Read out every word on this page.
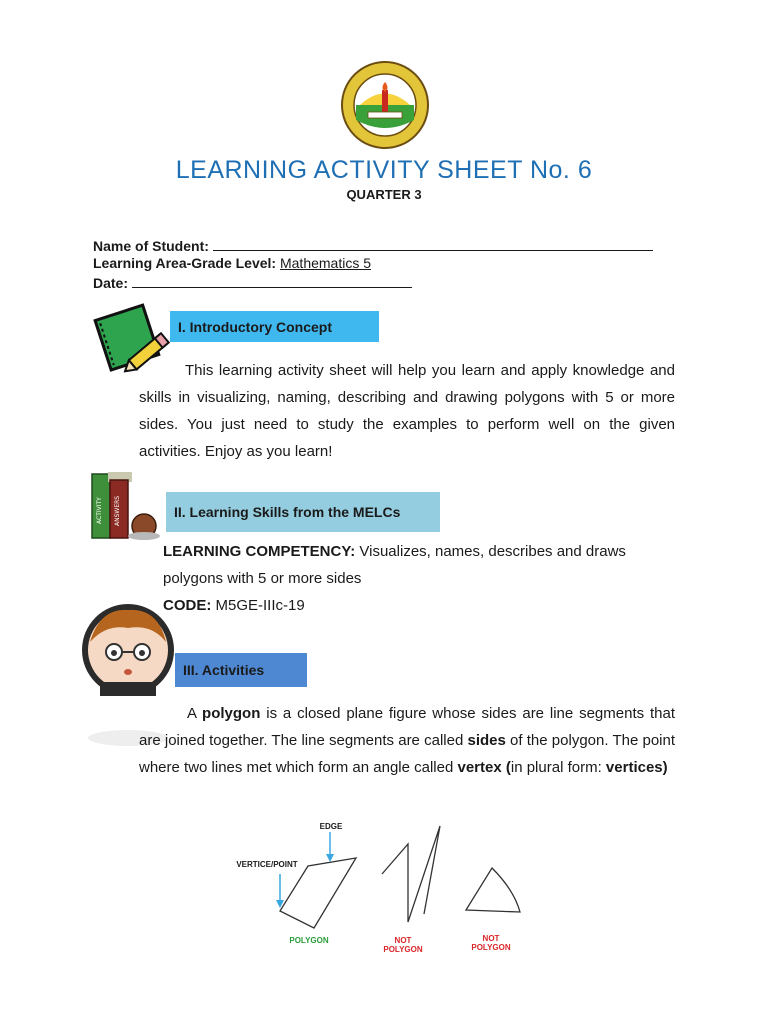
LEARNING ACTIVITY SHEET No. 6
QUARTER 3
Name of Student:
Learning Area-Grade Level: Mathematics 5
Date:
I. Introductory Concept
This learning activity sheet will help you learn and apply knowledge and skills in visualizing, naming, describing and drawing polygons with 5 or more sides. You just need to study the examples to perform well on the given activities. Enjoy as you learn!
ACTIVITY ANSWERS	II. Learning Skills from the MELCs
LEARNING COMPETENCY: Visualizes, names, describes and draws polygons with 5 or more sides
CODE: M5GE-IIIc-19
III. Activities
A polygon is a closed plane figure whose sides are line segments that are joined together. The line segments are called sides of the polygon. The point where two lines met which form an angle called vertex (in plural form: vertices)
EDGE
VERTICE/POINT
POLYGON	NOT
POLYGON
NOT
POLYGON
